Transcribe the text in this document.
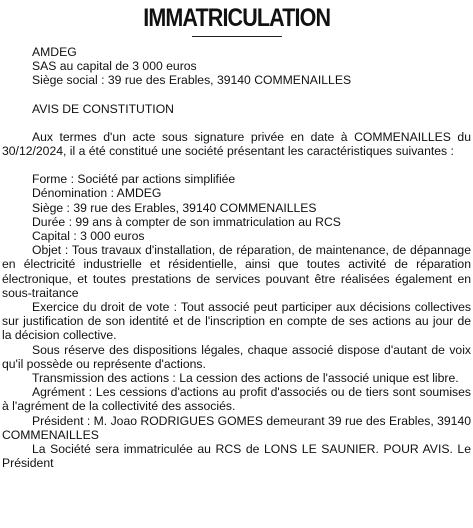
IMMATRICULATION
AMDEG
SAS au capital de 3 000 euros
Siège social : 39 rue des Erables, 39140 COMMENAILLES
AVIS DE CONSTITUTION

Aux termes d'un acte sous signature privée en date à COMMENAILLES du 30/12/2024, il a été constitué une société présentant les caractéristiques suivantes :

Forme : Société par actions simplifiée
Dénomination : AMDEG
Siège : 39 rue des Erables, 39140 COMMENAILLES
Durée : 99 ans à compter de son immatriculation au RCS
Capital : 3 000 euros

Objet : Tous travaux d'installation, de réparation, de maintenance, de dépannage en électricité industrielle et résidentielle, ainsi que toutes activité de réparation électronique, et toutes prestations de services pouvant être réalisées également en sous-traitance

Exercice du droit de vote : Tout associé peut participer aux décisions collectives sur justification de son identité et de l'inscription en compte de ses actions au jour de la décision collective.

Sous réserve des dispositions légales, chaque associé dispose d'autant de voix qu'il possède ou représente d'actions.

Transmission des actions : La cession des actions de l'associé unique est libre.

Agrément : Les cessions d'actions au profit d'associés ou de tiers sont soumises à l'agrément de la collectivité des associés.

Président : M. Joao RODRIGUES GOMES demeurant 39 rue des Erables, 39140 COMMENAILLES

La Société sera immatriculée au RCS de LONS LE SAUNIER. POUR AVIS. Le Président
